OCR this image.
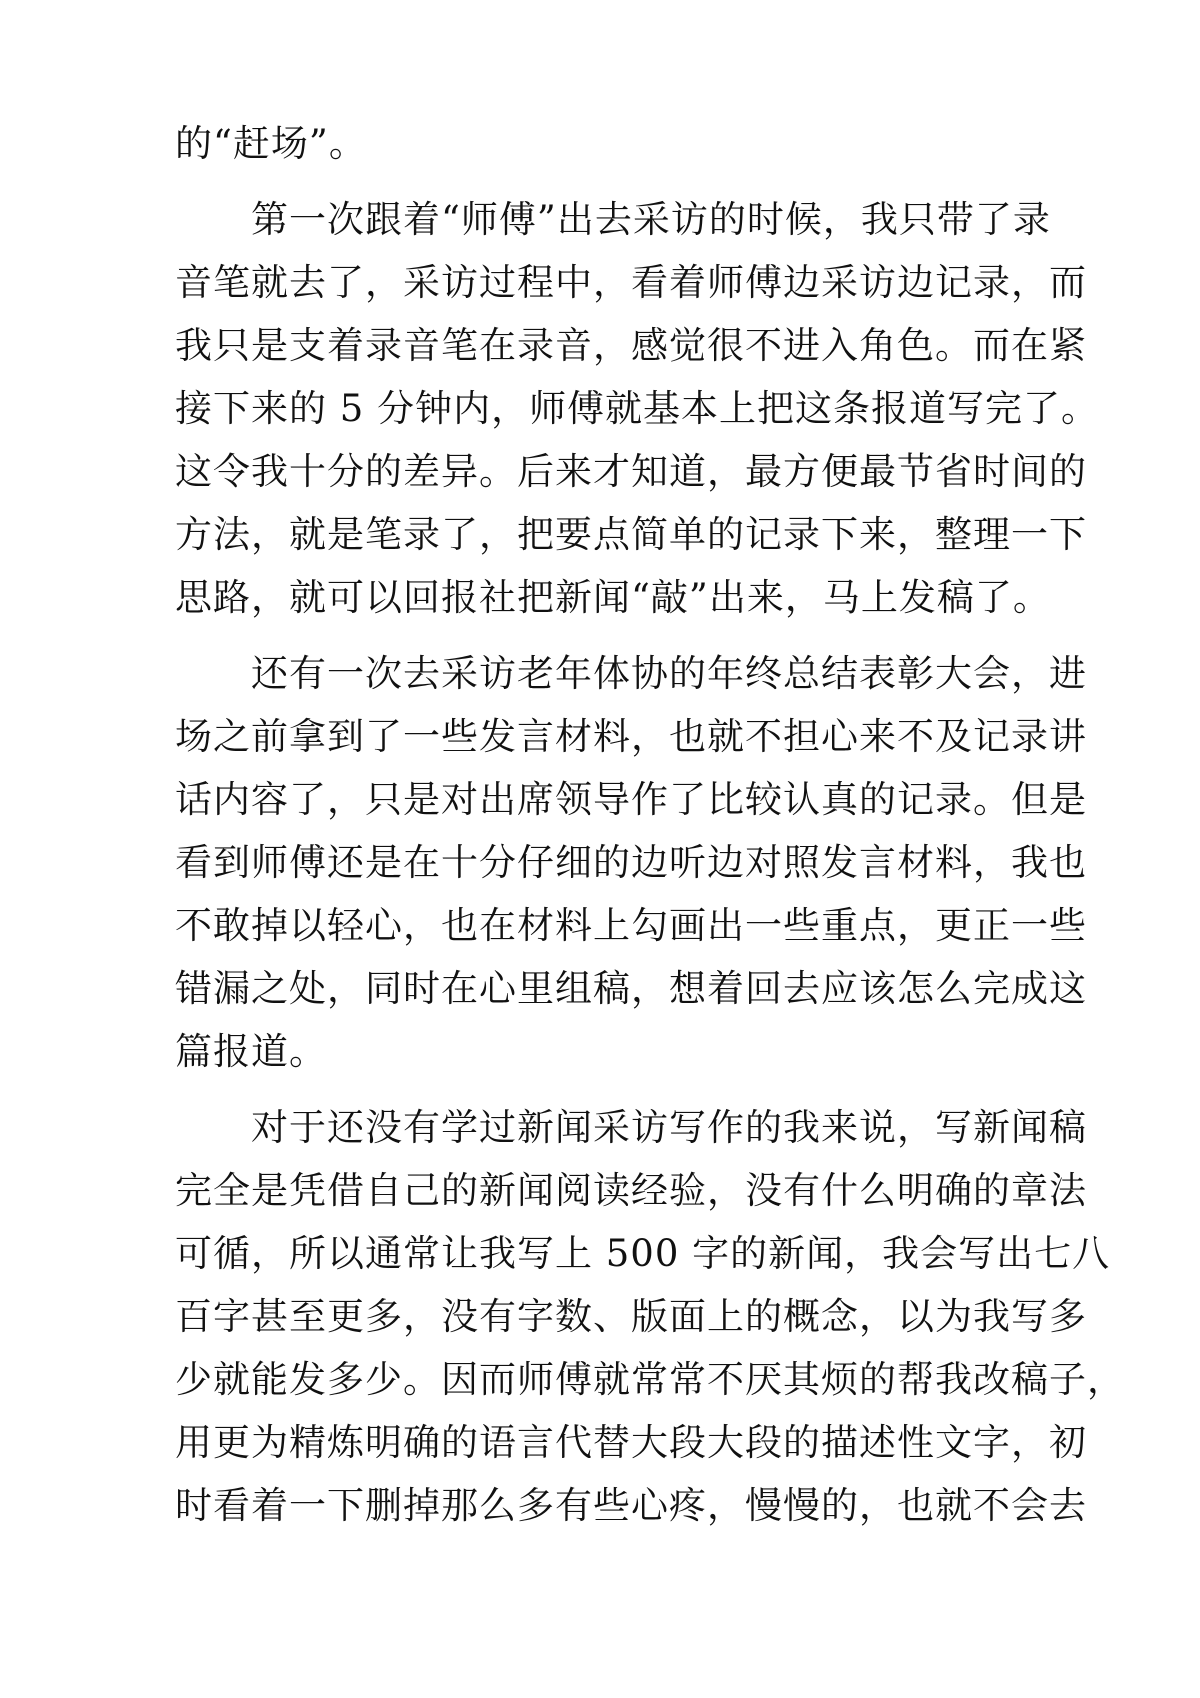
的“赶场”。
第一次跟着“师傅”出去采访的时候，我只带了录
音笔就去了，采访过程中，看着师傅边采访边记录，而
我只是支着录音笔在录音，感觉很不进入角色。而在紧
接下来的 5 分钟内，师傅就基本上把这条报道写完了。
这令我十分的差异。后来才知道，最方便最节省时间的
方法，就是笔录了，把要点简单的记录下来，整理一下
思路，就可以回报社把新闻“敲”出来，马上发稿了。
还有一次去采访老年体协的年终总结表彰大会，进
场之前拿到了一些发言材料，也就不担心来不及记录讲
话内容了，只是对出席领导作了比较认真的记录。但是
看到师傅还是在十分仔细的边听边对照发言材料，我也
不敢掉以轻心，也在材料上勾画出一些重点，更正一些
错漏之处，同时在心里组稿，想着回去应该怎么完成这
篇报道。
对于还没有学过新闻采访写作的我来说，写新闻稿
完全是凭借自己的新闻阅读经验，没有什么明确的章法
可循，所以通常让我写上 500 字的新闻，我会写出七八
百字甚至更多，没有字数、版面上的概念，以为我写多
少就能发多少。因而师傅就常常不厌其烦的帮我改稿子，
用更为精炼明确的语言代替大段大段的描述性文字，初
时看着一下删掉那么多有些心疼，慢慢的，也就不会去
